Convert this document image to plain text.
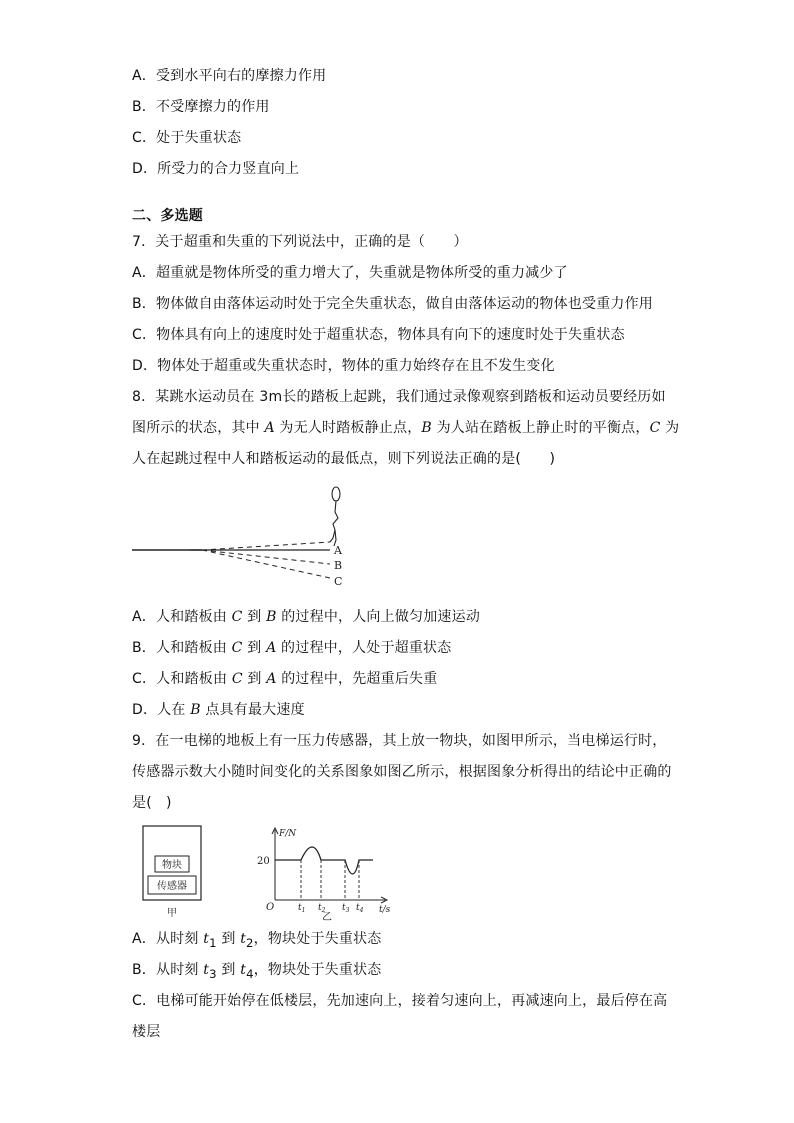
A．受到水平向右的摩擦力作用
B．不受摩擦力的作用
C．处于失重状态
D．所受力的合力竖直向上
二、多选题
7．关于超重和失重的下列说法中，正确的是（　　）
A．超重就是物体所受的重力增大了，失重就是物体所受的重力减少了
B．物体做自由落体运动时处于完全失重状态，做自由落体运动的物体也受重力作用
C．物体具有向上的速度时处于超重状态，物体具有向下的速度时处于失重状态
D．物体处于超重或失重状态时，物体的重力始终存在且不发生变化
8．某跳水运动员在 3m长的踏板上起跳，我们通过录像观察到踏板和运动员要经历如
图所示的状态，其中 A 为无人时踏板静止点，B 为人站在踏板上静止时的平衡点，C 为
人在起跳过程中人和踏板运动的最低点，则下列说法正确的是(　　)
A
B
C
A．人和踏板由 C 到 B 的过程中，人向上做匀加速运动
B．人和踏板由 C 到 A 的过程中，人处于超重状态
C．人和踏板由 C 到 A 的过程中，先超重后失重
D．人在 B 点具有最大速度
9．在一电梯的地板上有一压力传感器，其上放一物块，如图甲所示，当电梯运行时，
传感器示数大小随时间变化的关系图象如图乙所示，根据图象分析得出的结论中正确的
是(　)
物块
传感器
甲
F/N
20
O	t/s
$t_1$ $t_2$ $t_3$ $t_4$
乙
A．从时刻 $t_1$ 到 $t_2$，物块处于失重状态
B．从时刻 $t_3$ 到 $t_4$，物块处于失重状态
C．电梯可能开始停在低楼层，先加速向上，接着匀速向上，再减速向上，最后停在高
楼层
